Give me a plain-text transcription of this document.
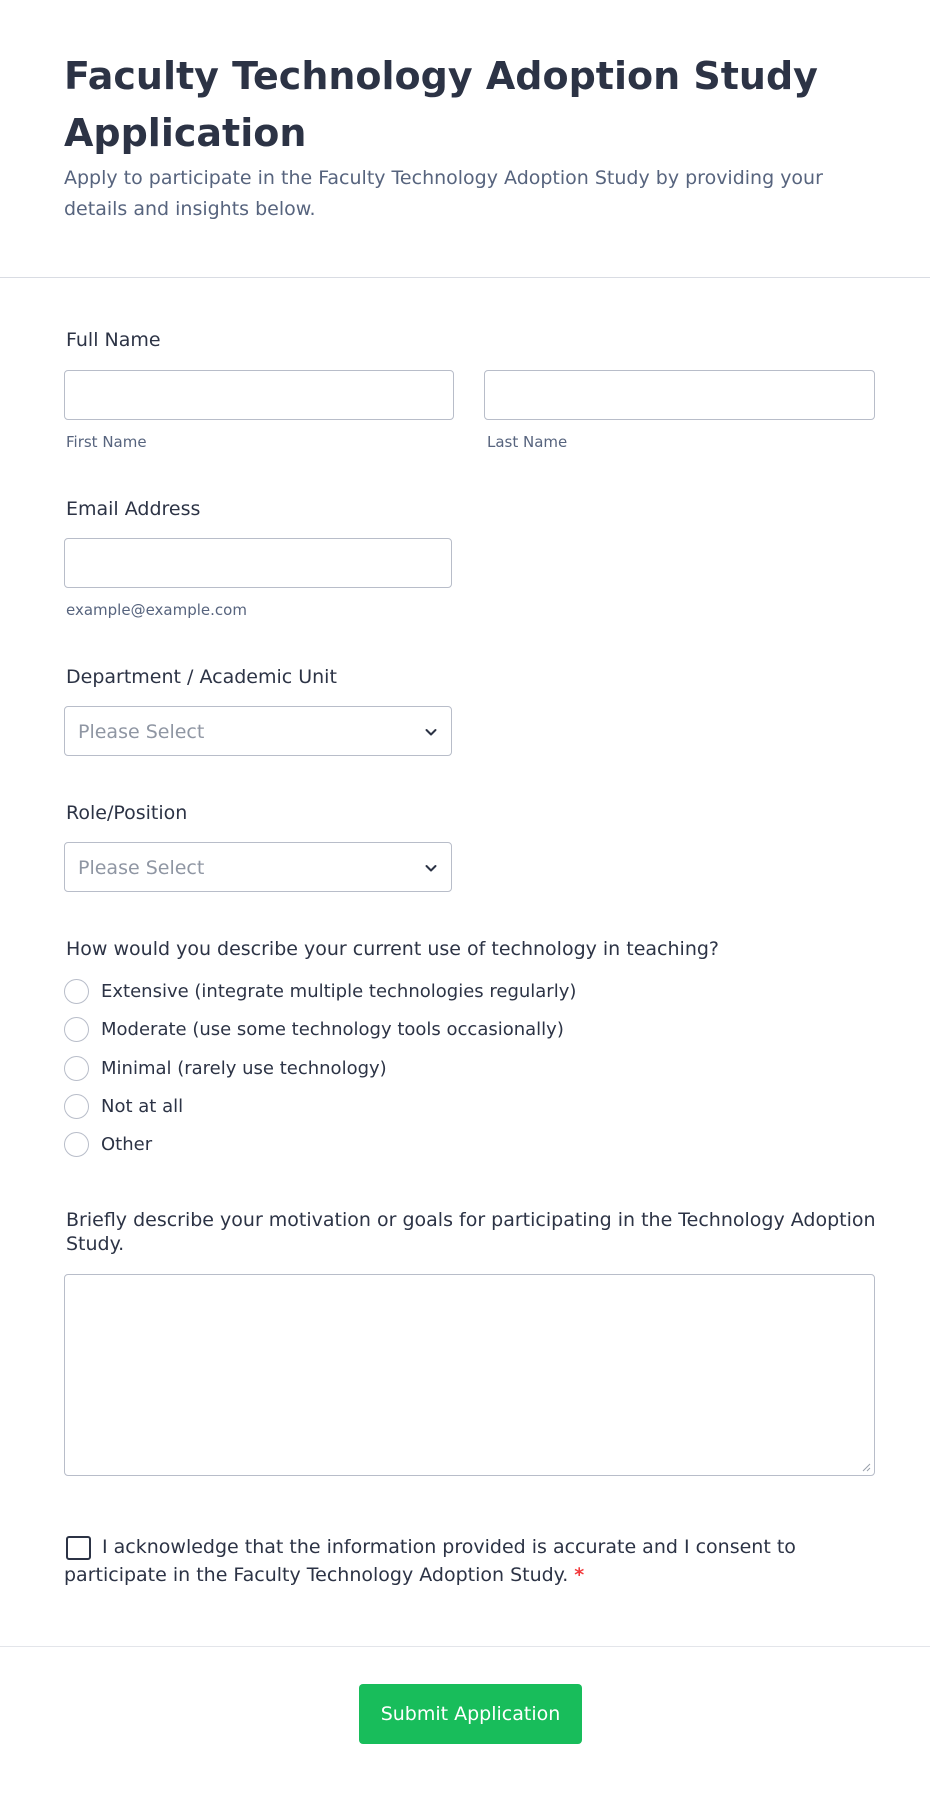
Faculty Technology Adoption Study Application
Apply to participate in the Faculty Technology Adoption Study by providing your details and insights below.
Full Name
First Name	Last Name
Email Address
example@example.com
Department / Academic Unit
Please Select
Role/Position
Please Select
How would you describe your current use of technology in teaching?
Extensive (integrate multiple technologies regularly)
Moderate (use some technology tools occasionally)
Minimal (rarely use technology)
Not at all
Other
Briefly describe your motivation or goals for participating in the Technology Adoption Study.
I acknowledge that the information provided is accurate and I consent to participate in the Faculty Technology Adoption Study. *
Submit Application
